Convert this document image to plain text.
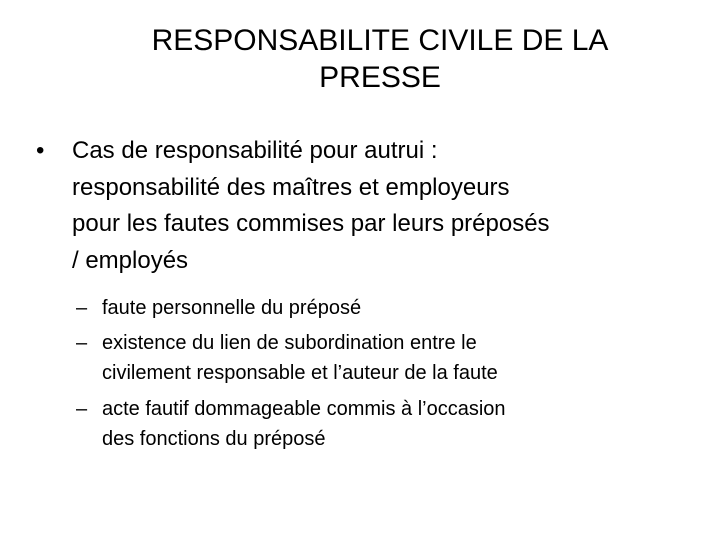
RESPONSABILITE CIVILE DE LA
PRESSE
• Cas de responsabilité pour autrui :
responsabilité des maîtres et employeurs
pour les fautes commises par leurs préposés
/ employés
– faute personnelle du préposé
– existence du lien de subordination entre le
civilement responsable et l’auteur de la faute
– acte fautif dommageable commis à l’occasion
des fonctions du préposé
